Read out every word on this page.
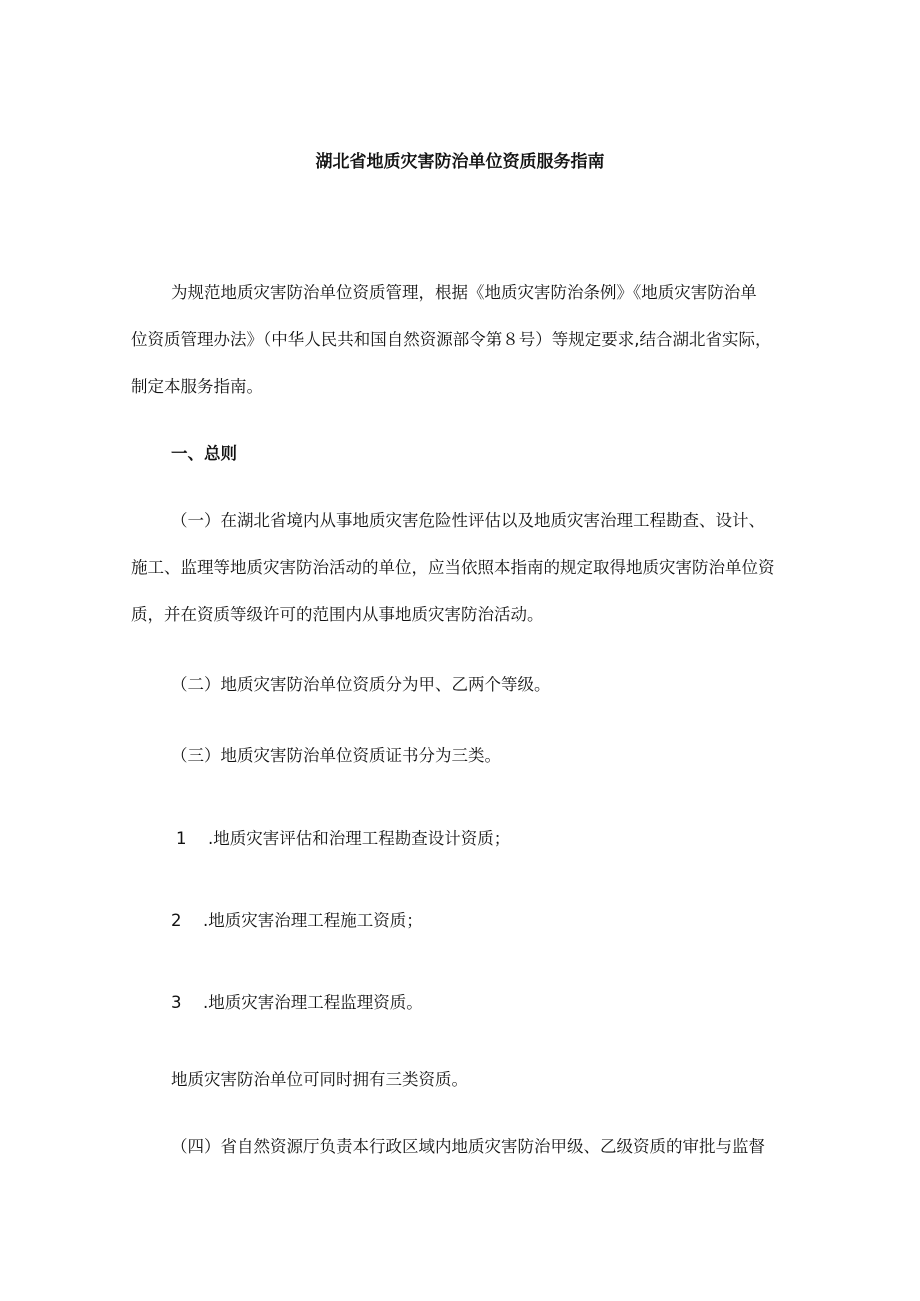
湖北省地质灾害防治单位资质服务指南
为规范地质灾害防治单位资质管理，根据《地质灾害防治条例》《地质灾害防治单
位资质管理办法》（中华人民共和国自然资源部令第８号）等规定要求,结合湖北省实际，
制定本服务指南。
一、总则
（一）在湖北省境内从事地质灾害危险性评估以及地质灾害治理工程勘查、设计、
施工、监理等地质灾害防治活动的单位，应当依照本指南的规定取得地质灾害防治单位资
质，并在资质等级许可的范围内从事地质灾害防治活动。
（二）地质灾害防治单位资质分为甲、乙两个等级。
（三）地质灾害防治单位资质证书分为三类。
1 .地质灾害评估和治理工程勘查设计资质；
2 .地质灾害治理工程施工资质；
3 .地质灾害治理工程监理资质。
地质灾害防治单位可同时拥有三类资质。
（四）省自然资源厅负责本行政区域内地质灾害防治甲级、乙级资质的审批与监督
